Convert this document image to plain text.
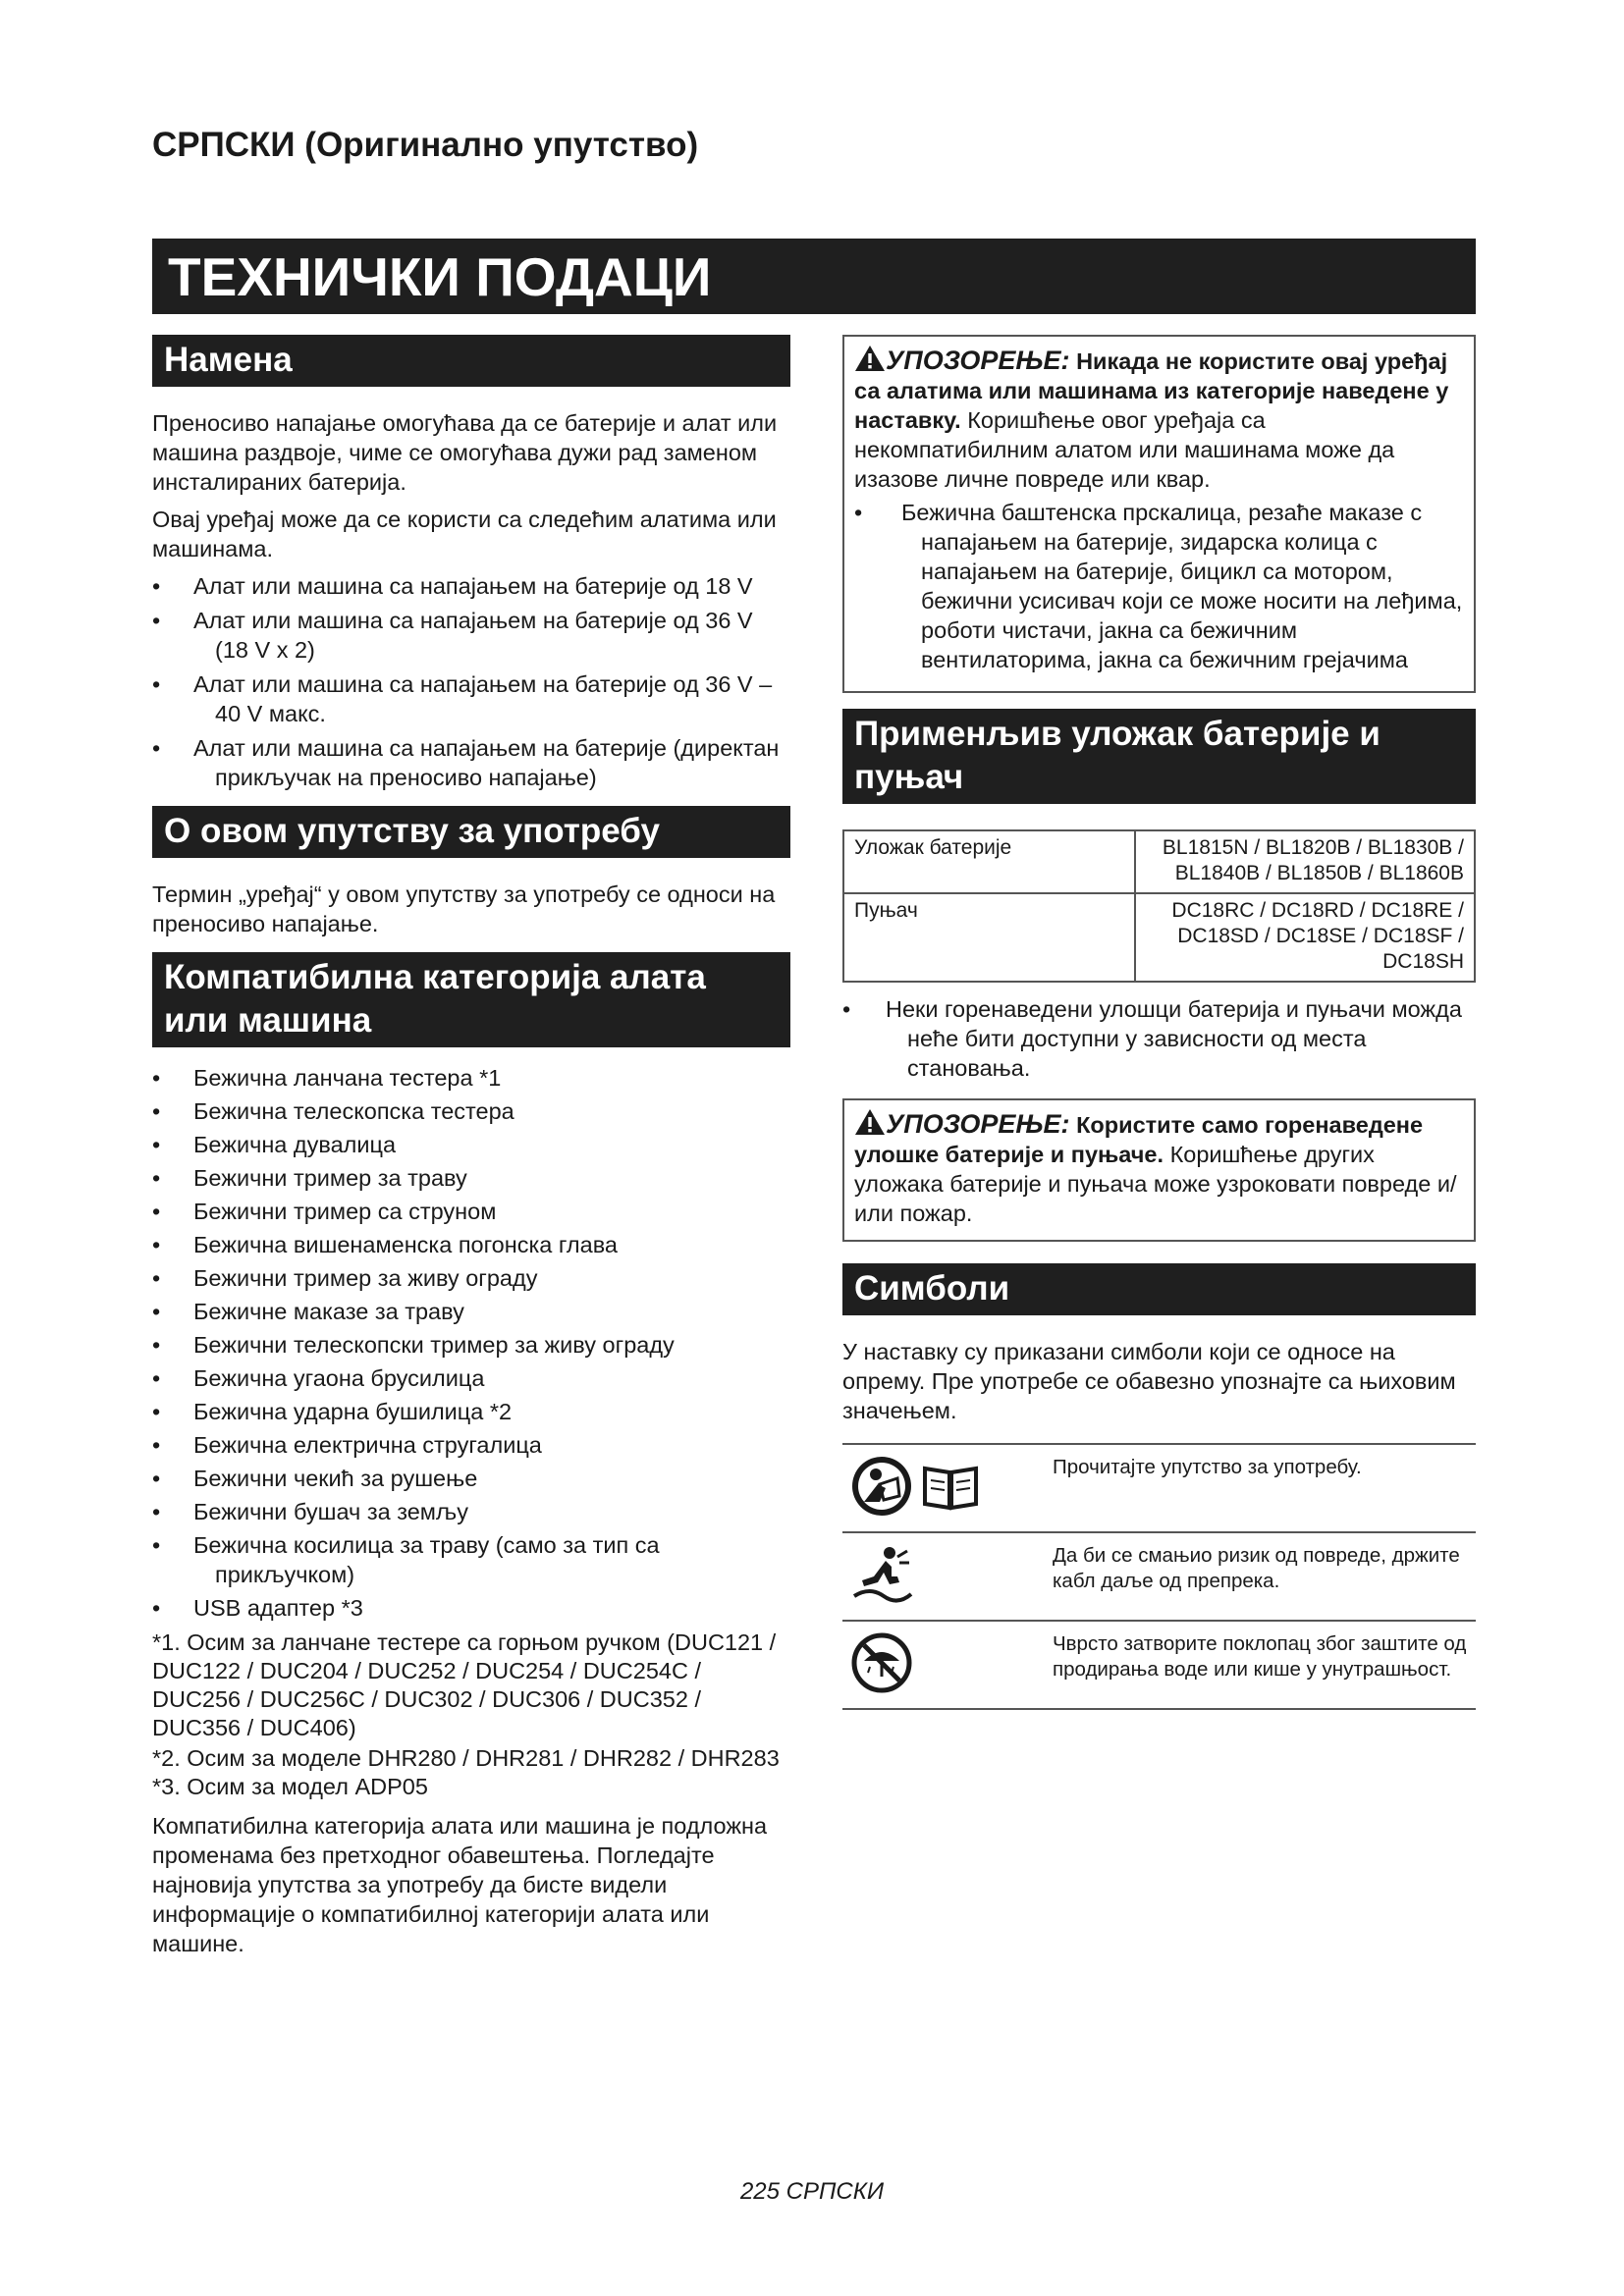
СРПСКИ (Оригинално упутство)
ТЕХНИЧКИ ПОДАЦИ
Намена

Преносиво напајање омогућава да се батерије и алат или машина раздвоје, чиме се омогућава дужи рад заменом инсталираних батерија.

Овај уређај може да се користи са следећим алатима или машинама.

•	Алат или машина са напајањем на батерије од 18 V
•	Алат или машина са напајањем на батерије од 36 V (18 V x 2)
•	Алат или машина са напајањем на батерије од 36 V – 40 V макс.
•	Алат или машина са напајањем на батерије (директан прикључак на преносиво напајање)
О овом упутству за употребу

Термин „уређај“ у овом упутству за употребу се односи на преносиво напајање.

Компатибилна категорија алата или машина
•	Бежична ланчана тестера *1
•	Бежична телескопска тестера
•	Бежична дувалица
•	Бежични тример за траву
•	Бежични тример са струном
•	Бежична вишенаменска погонска глава
•	Бежични тример за живу ограду
•	Бежичне маказе за траву
•	Бежични телескопски тример за живу ограду
•	Бежична угаона брусилица
•	Бежична ударна бушилица *2
•	Бежична електрична стругалица
•	Бежични чекић за рушење
•	Бежични бушач за земљу
•	Бежична косилица за траву (само за тип са прикључком)
•	USB адаптер *3

*1. Осим за ланчане тестере са горњом ручком (DUC121 / DUC122 / DUC204 / DUC252 / DUC254 / DUC254C / DUC256 / DUC256C / DUC302 / DUC306 / DUC352 / DUC356 / DUC406)

*2. Осим за моделе DHR280 / DHR281 / DHR282 / DHR283

*3. Осим за модел ADP05

Компатибилна категорија алата или машина је подложна променама без претходног обавештења. Погледајте најновија упутства за употребу да бисте видели информације о компатибилној категорији алата или машине.

УПОЗОРЕЊЕ: Никада не користите овај уређај са алатима или машинама из категорије наведене у наставку. Коришћење овог уређаја са некомпатибилним алатом или машинама може да изазове личне повреде или квар.
•	Бежична баштенска прскалица, резаће маказе с напајањем на батерије, зидарска колица с напајањем на батерије, бицикл са мотором, бежични усисивач који се може носити на леђима, роботи чистачи, јакна са бежичним вентилаторима, јакна са бежичним грејачима
Применљив уложак батерије и пуњач
Уложак батерије	BL1815N / BL1820B / BL1830B / BL1840B / BL1850B / BL1860B
Пуњач	DC18RC / DC18RD / DC18RE / DC18SD / DC18SE / DC18SF / DC18SH
•	Неки горенаведени улошци батерија и пуњачи можда неће бити доступни у зависности од места становања.
УПОЗОРЕЊЕ: Користите само горенаведене улошке батерије и пуњаче. Коришћење других уложака батерије и пуњача може узроковати повреде и/или пожар.
Симболи

У наставку су приказани симболи који се односе на опрему. Пре употребе се обавезно упознајте са њиховим значењем.

	Прочитајте упутство за употребу.
	Да би се смањио ризик од повреде, држите кабл даље од препрека.
	Чврсто затворите поклопац због заштите од продирања воде или кише у унутрашњост.
225 СРПСКИ
